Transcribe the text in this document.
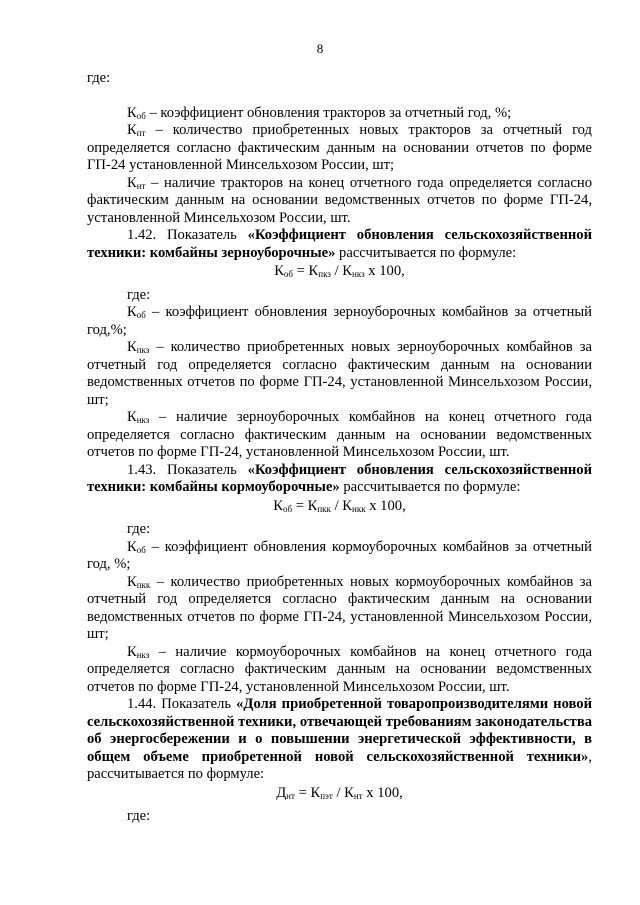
8

где:

$К_{об}$ – коэффициент обновления тракторов за отчетный год, %;

$К_{пт}$ – количество приобретенных новых тракторов за отчетный год определяется согласно фактическим данным на основании отчетов по форме ГП-24 установленной Минсельхозом России, шт;

$К_{нт}$ – наличие тракторов на конец отчетного года определяется согласно фактическим данным на основании ведомственных отчетов по форме ГП-24, установленной Минсельхозом России, шт.

1.42. Показатель «Коэффициент обновления сельскохозяйственной техники: комбайны зерноуборочные» рассчитывается по формуле:

$К_{об} = К_{пкз} / К_{нкз}$ x 100,

где:

$К_{об}$ – коэффициент обновления зерноуборочных комбайнов за отчетный год,%;

$К_{пкз}$ – количество приобретенных новых зерноуборочных комбайнов за отчетный год определяется согласно фактическим данным на основании ведомственных отчетов по форме ГП-24, установленной Минсельхозом России, шт;

$К_{нкз}$ – наличие зерноуборочных комбайнов на конец отчетного года определяется согласно фактическим данным на основании ведомственных отчетов по форме ГП-24, установленной Минсельхозом России, шт.

1.43. Показатель «Коэффициент обновления сельскохозяйственной техники: комбайны кормоуборочные» рассчитывается по формуле:

$К_{об} = К_{пкк} / К_{нкк}$ x 100,

где:

$К_{об}$ – коэффициент обновления кормоуборочных комбайнов за отчетный год, %;

$К_{пкк}$ – количество приобретенных новых кормоуборочных комбайнов за отчетный год определяется согласно фактическим данным на основании ведомственных отчетов по форме ГП-24, установленной Минсельхозом России, шт;

$К_{нкз}$ – наличие кормоуборочных комбайнов на конец отчетного года определяется согласно фактическим данным на основании ведомственных отчетов по форме ГП-24, установленной Минсельхозом России, шт.

1.44. Показатель «Доля приобретенной товаропроизводителями новой сельскохозяйственной техники, отвечающей требованиям законодательства об энергосбережении и о повышении энергетической эффективности, в общем объеме приобретенной новой сельскохозяйственной техники», рассчитывается по формуле:

$Д_{нт} = К_{пэт} / К_{нт}$ x 100,

где:
